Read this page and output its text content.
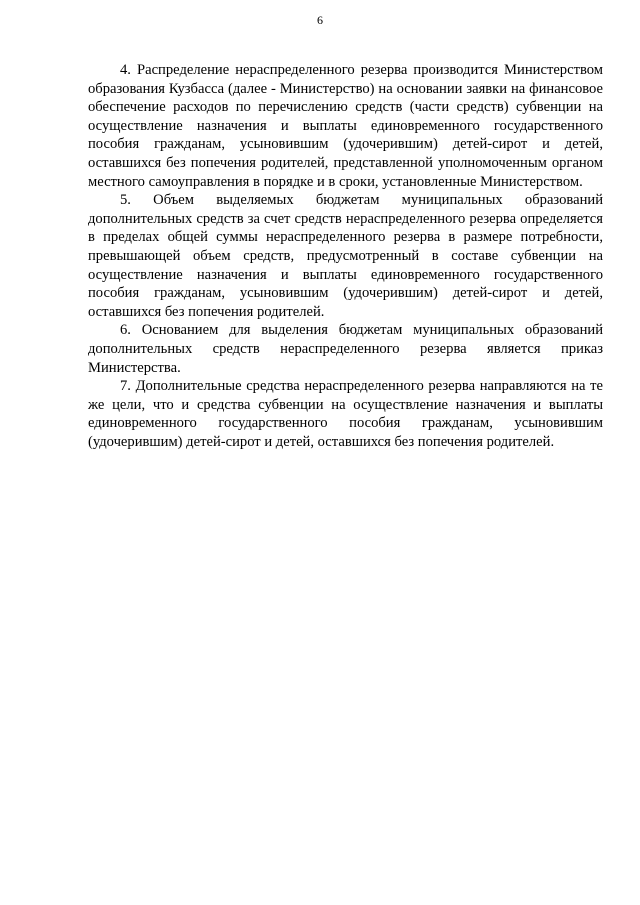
6

4. Распределение нераспределенного резерва производится Министерством образования Кузбасса (далее - Министерство) на основании заявки на финансовое обеспечение расходов по перечислению средств (части средств) субвенции на осуществление назначения и выплаты единовременного государственного пособия гражданам, усыновившим (удочерившим) детей-сирот и детей, оставшихся без попечения родителей, представленной уполномоченным органом местного самоуправления в порядке и в сроки, установленные Министерством.

5. Объем выделяемых бюджетам муниципальных образований дополнительных средств за счет средств нераспределенного резерва определяется в пределах общей суммы нераспределенного резерва в размере потребности, превышающей объем средств, предусмотренный в составе субвенции на осуществление назначения и выплаты единовременного государственного пособия гражданам, усыновившим (удочерившим) детей-сирот и детей, оставшихся без попечения родителей.

6. Основанием для выделения бюджетам муниципальных образований дополнительных средств нераспределенного резерва является приказ Министерства.

7. Дополнительные средства нераспределенного резерва направляются на те же цели, что и средства субвенции на осуществление назначения и выплаты единовременного государственного пособия гражданам, усыновившим (удочерившим) детей-сирот и детей, оставшихся без попечения родителей.
